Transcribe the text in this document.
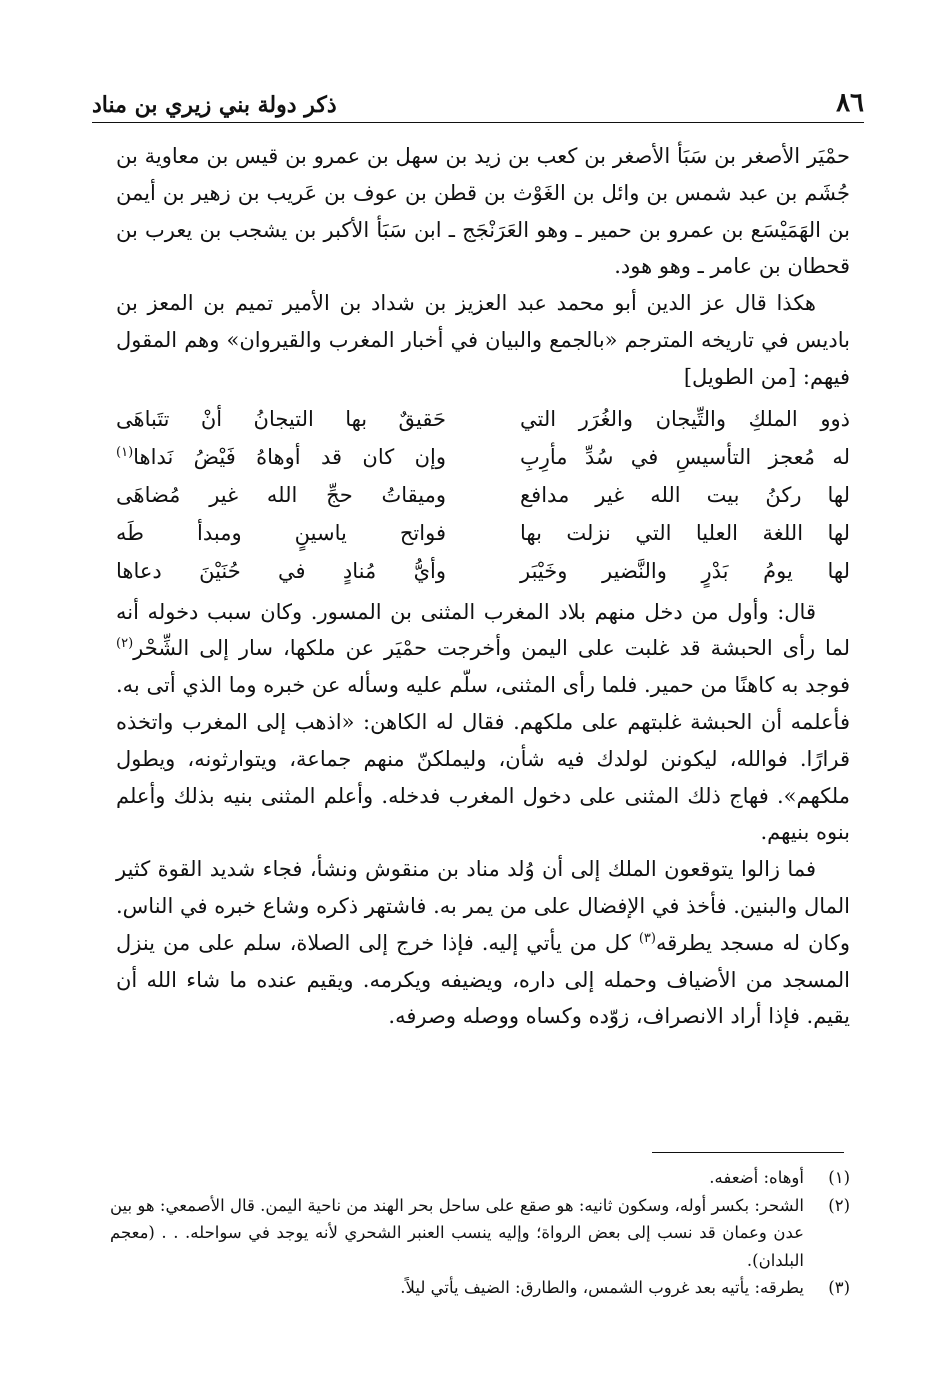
٨٦
ذكر دولة بني زيري بن مناد

حمْيَر الأصغر بن سَبَأ الأصغر بن كعب بن زيد بن سهل بن عمرو بن قيس بن معاوية بن جُشَم بن عبد شمس بن وائل بن الغَوْث بن قطن بن عوف بن عَريب بن زهير بن أيمن بن الهَمَيْسَع بن عمرو بن حمير ـ وهو العَرَنْجَج ـ ابن سَبَأ الأكبر بن يشجب بن يعرب بن قحطان بن عامر ـ وهو هود.

هكذا قال عز الدين أبو محمد عبد العزيز بن شداد بن الأمير تميم بن المعز بن باديس في تاريخه المترجم «بالجمع والبيان في أخبار المغرب والقيروان» وهم المقول فيهم: [من الطويل]

ذوو الملكِ والتِّيجان والغُرَر التي
حَقيقٌ بها التيجانُ أنْ تتَباهَى
له مُعجز التأسيسِ في سُدِّ مأرِبِ
وإن كان قد أوهاهُ فَيْضُ نَداها$^{(١)}$
لها ركنُ بيت الله غير مدافع
وميقاتُ حجِّ الله غير مُضاهَى
لها اللغة العليا التي نزلت بها
فواتح ياسينٍ ومبدأ طَه
لها يومُ بَدْرٍ والنَّضير وخَيْبَر
وأيُّ مُنادٍ في حُنَيْنَ دعاها

قال: وأول من دخل منهم بلاد المغرب المثنى بن المسور. وكان سبب دخوله أنه لما رأى الحبشة قد غلبت على اليمن وأخرجت حمْيَر عن ملكها، سار إلى الشِّحْر$^{(٢)}$ فوجد به كاهنًا من حمير. فلما رأى المثنى، سلّم عليه وسأله عن خبره وما الذي أتى به. فأعلمه أن الحبشة غلبتهم على ملكهم. فقال له الكاهن: «اذهب إلى المغرب واتخذه قرارًا. فوالله، ليكونن لولدك فيه شأن، وليملكنّ منهم جماعة، ويتوارثونه، ويطول ملكهم». فهاج ذلك المثنى على دخول المغرب فدخله. وأعلم المثنى بنيه بذلك وأعلم بنوه بنيهم.

فما زالوا يتوقعون الملك إلى أن وُلد مناد بن منقوش ونشأ، فجاء شديد القوة كثير المال والبنين. فأخذ في الإفضال على من يمر به. فاشتهر ذكره وشاع خبره في الناس. وكان له مسجد يطرقه$^{(٣)}$ كل من يأتي إليه. فإذا خرج إلى الصلاة، سلم على من ينزل المسجد من الأضياف وحمله إلى داره، ويضيفه ويكرمه. ويقيم عنده ما شاء الله أن يقيم. فإذا أراد الانصراف، زوّده وكساه ووصله وصرفه.

(١)
أوهاه: أضعفه.
(٢)
الشحر: بكسر أوله، وسكون ثانيه: هو صقع على ساحل بحر الهند من ناحية اليمن. قال الأصمعي: هو بين عدن وعمان قد نسب إلى بعض الرواة؛ وإليه ينسب العنبر الشحري لأنه يوجد في سواحله. . . (معجم البلدان).
(٣)
يطرقه: يأتيه بعد غروب الشمس، والطارق: الضيف يأتي ليلاً.
